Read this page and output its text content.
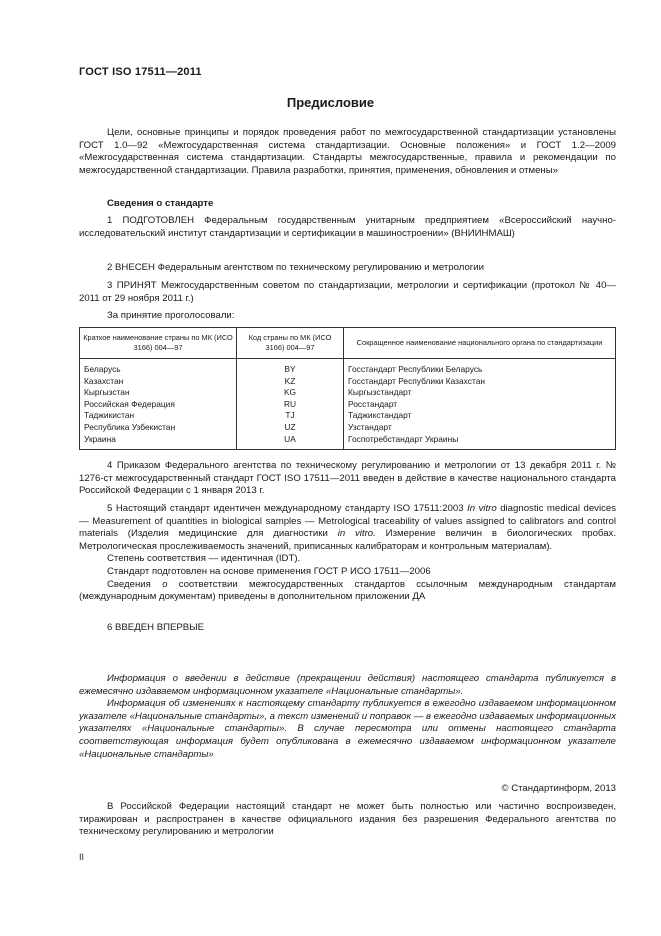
ГОСТ ISO 17511—2011
Предисловие

Цели, основные принципы и порядок проведения работ по межгосударственной стандартизации установлены ГОСТ 1.0—92 «Межгосударственная система стандартизации. Основные положения» и ГОСТ 1.2—2009 «Межгосударственная система стандартизации. Стандарты межгосударственные, правила и рекомендации по межгосударственной стандартизации. Правила разработки, принятия, применения, обновления и отмены»

Сведения о стандарте

1 ПОДГОТОВЛЕН Федеральным государственным унитарным предприятием «Всероссийский научно-исследовательский институт стандартизации и сертификации в машиностроении» (ВНИИНМАШ)

2 ВНЕСЕН Федеральным агентством по техническому регулированию и метрологии

3 ПРИНЯТ Межгосударственным советом по стандартизации, метрологии и сертификации (протокол № 40—2011 от 29 ноября 2011 г.)

За принятие проголосовали:

Краткое наименование страны по МК (ИСО 3166) 004—97	Код страны по МК (ИСО 3166) 004—97	Сокращенное наименование национального органа по стандартизации
Беларусь	BY	Госстандарт Республики Беларусь
Казахстан	KZ	Госстандарт Республики Казахстан
Кыргызстан	KG	Кыргызстандарт
Российская Федерация	RU	Росстандарт
Таджикистан	TJ	Таджикстандарт
Республика Узбекистан	UZ	Узстандарт
Украина	UA	Госпотребстандарт Украины

4 Приказом Федерального агентства по техническому регулированию и метрологии от 13 декабря 2011 г. № 1276-ст межгосударственный стандарт ГОСТ ISO 17511—2011 введен в действие в качестве национального стандарта Российской Федерации с 1 января 2013 г.

5 Настоящий стандарт идентичен международному стандарту ISO 17511:2003 In vitro diagnostic medical devices — Measurement of quantities in biological samples — Metrological traceability of values assigned to calibrators and control materials (Изделия медицинские для диагностики in vitro. Измерение величин в биологических пробах. Метрологическая прослеживаемость значений, приписанных калибраторам и контрольным материалам).

Степень соответствия — идентичная (IDT).

Стандарт подготовлен на основе применения ГОСТ Р ИСО 17511—2006

Сведения о соответствии межгосударственных стандартов ссылочным международным стандартам (международным документам) приведены в дополнительном приложении ДА

6 ВВЕДЕН ВПЕРВЫЕ

Информация о введении в действие (прекращении действия) настоящего стандарта публикуется в ежемесячно издаваемом информационном указателе «Национальные стандарты».

Информация об изменениях к настоящему стандарту публикуется в ежегодно издаваемом информационном указателе «Национальные стандарты», а текст изменений и поправок — в ежегодно издаваемых информационных указателях «Национальные стандарты». В случае пересмотра или отмены настоящего стандарта соответствующая информация будет опубликована в ежемесячно издаваемом информационном указателе «Национальные стандарты»

© Стандартинформ, 2013

В Российской Федерации настоящий стандарт не может быть полностью или частично воспроизведен, тиражирован и распространен в качестве официального издания без разрешения Федерального агентства по техническому регулированию и метрологии

II
